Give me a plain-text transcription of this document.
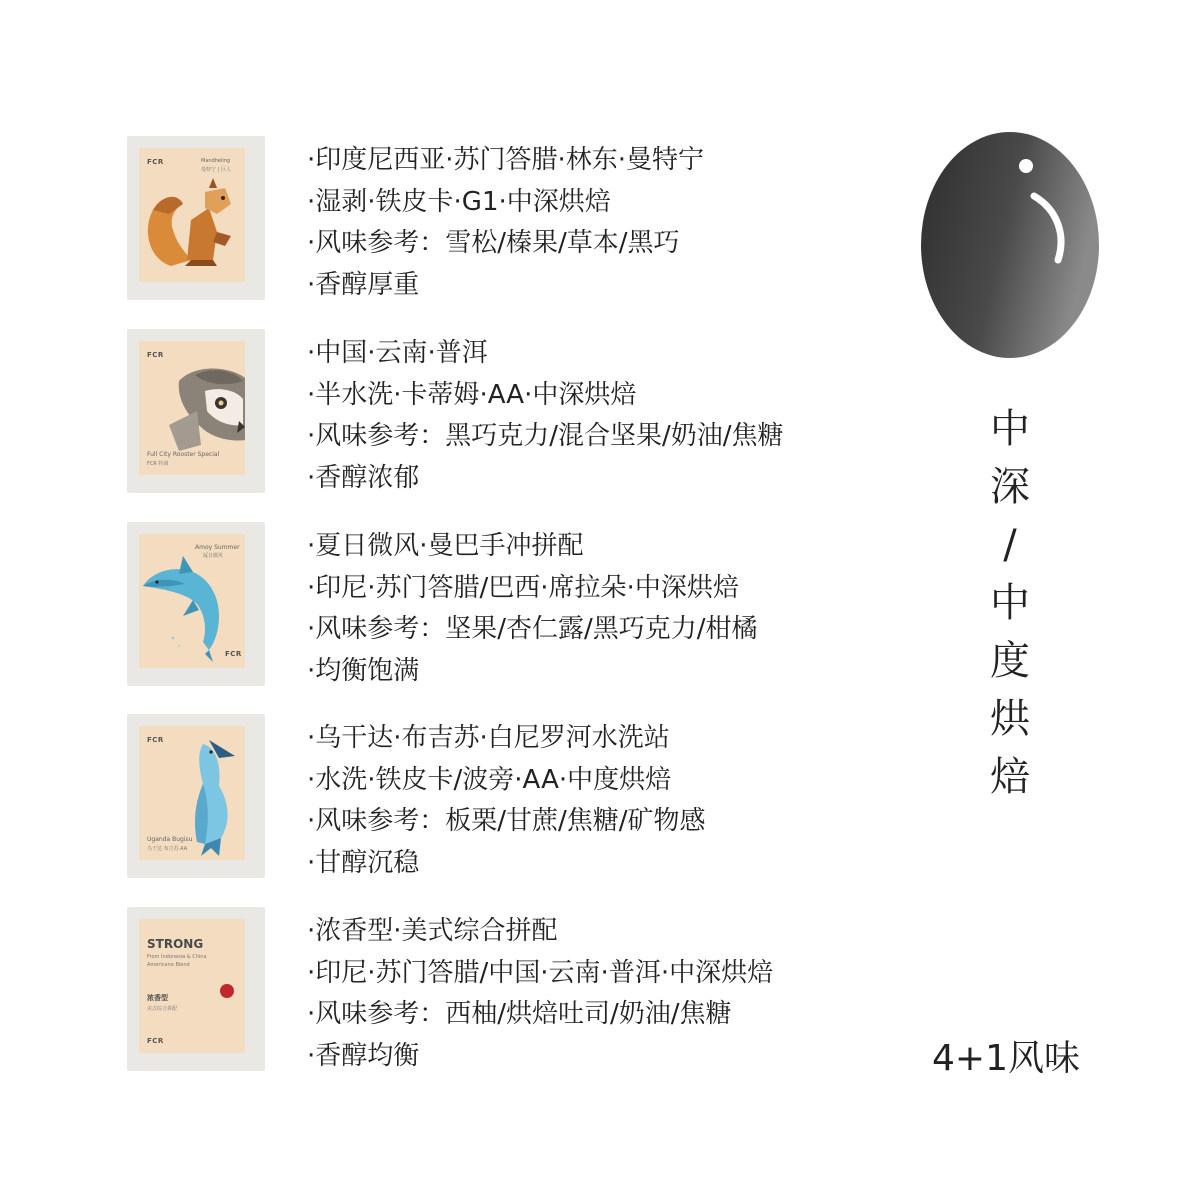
FCR	Mandheling
曼特宁 | 巨人	·印度尼西亚·苏门答腊·林东·曼特宁
·湿剥·铁皮卡·G1·中深烘焙
·风味参考：雪松/榛果/草本/黑巧
·香醇厚重
FCR
Full City Rooster Special
FCR 特调
·中国·云南·普洱
·半水洗·卡蒂姆·AA·中深烘焙
·风味参考：黑巧克力/混合坚果/奶油/焦糖
·香醇浓郁
Amoy Summer
厦日微风
FCR
·夏日微风·曼巴手冲拼配
·印尼·苏门答腊/巴西·席拉朵·中深烘焙
·风味参考：坚果/杏仁露/黑巧克力/柑橘
·均衡饱满
FCR
Uganda Bugisu
乌干达 布吉苏 AA
·乌干达·布吉苏·白尼罗河水洗站
·水洗·铁皮卡/波旁·AA·中度烘焙
·风味参考：板栗/甘蔗/焦糖/矿物感
·甘醇沉稳
STRONG
From Indonesia & China Americano Blend
浓香型
美式综合拼配
FCR
·浓香型·美式综合拼配
·印尼·苏门答腊/中国·云南·普洱·中深烘焙
·风味参考：西柚/烘焙吐司/奶油/焦糖
·香醇均衡
中
深
/
中
度
烘
焙
4+1风味
